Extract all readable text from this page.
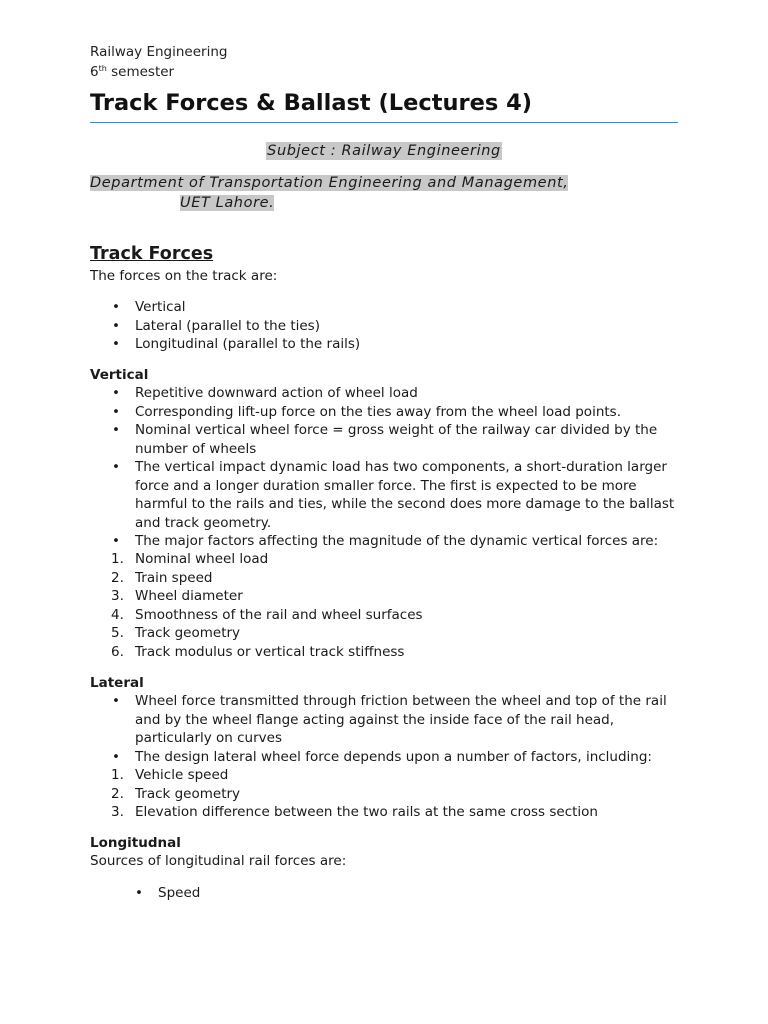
Railway Engineering
6th semester
Track Forces & Ballast (Lectures 4)
Subject : Railway Engineering
Department of Transportation Engineering and Management,
UET Lahore.
Track Forces

The forces on the track are:

• Vertical
• Lateral (parallel to the ties)
• Longitudinal (parallel to the rails)

Vertical

• Repetitive downward action of wheel load
• Corresponding lift-up force on the ties away from the wheel load points.
• Nominal vertical wheel force = gross weight of the railway car divided by the number of wheels
• The vertical impact dynamic load has two components, a short-duration larger force and a longer duration smaller force. The first is expected to be more harmful to the rails and ties, while the second does more damage to the ballast and track geometry.
• The major factors affecting the magnitude of the dynamic vertical forces are:
1. Nominal wheel load
2. Train speed
3. Wheel diameter
4. Smoothness of the rail and wheel surfaces
5. Track geometry
6. Track modulus or vertical track stiffness

Lateral

• Wheel force transmitted through friction between the wheel and top of the rail and by the wheel flange acting against the inside face of the rail head, particularly on curves
• The design lateral wheel force depends upon a number of factors, including:
1. Vehicle speed
2. Track geometry
3. Elevation difference between the two rails at the same cross section

Longitudnal

Sources of longitudinal rail forces are:

• Speed
